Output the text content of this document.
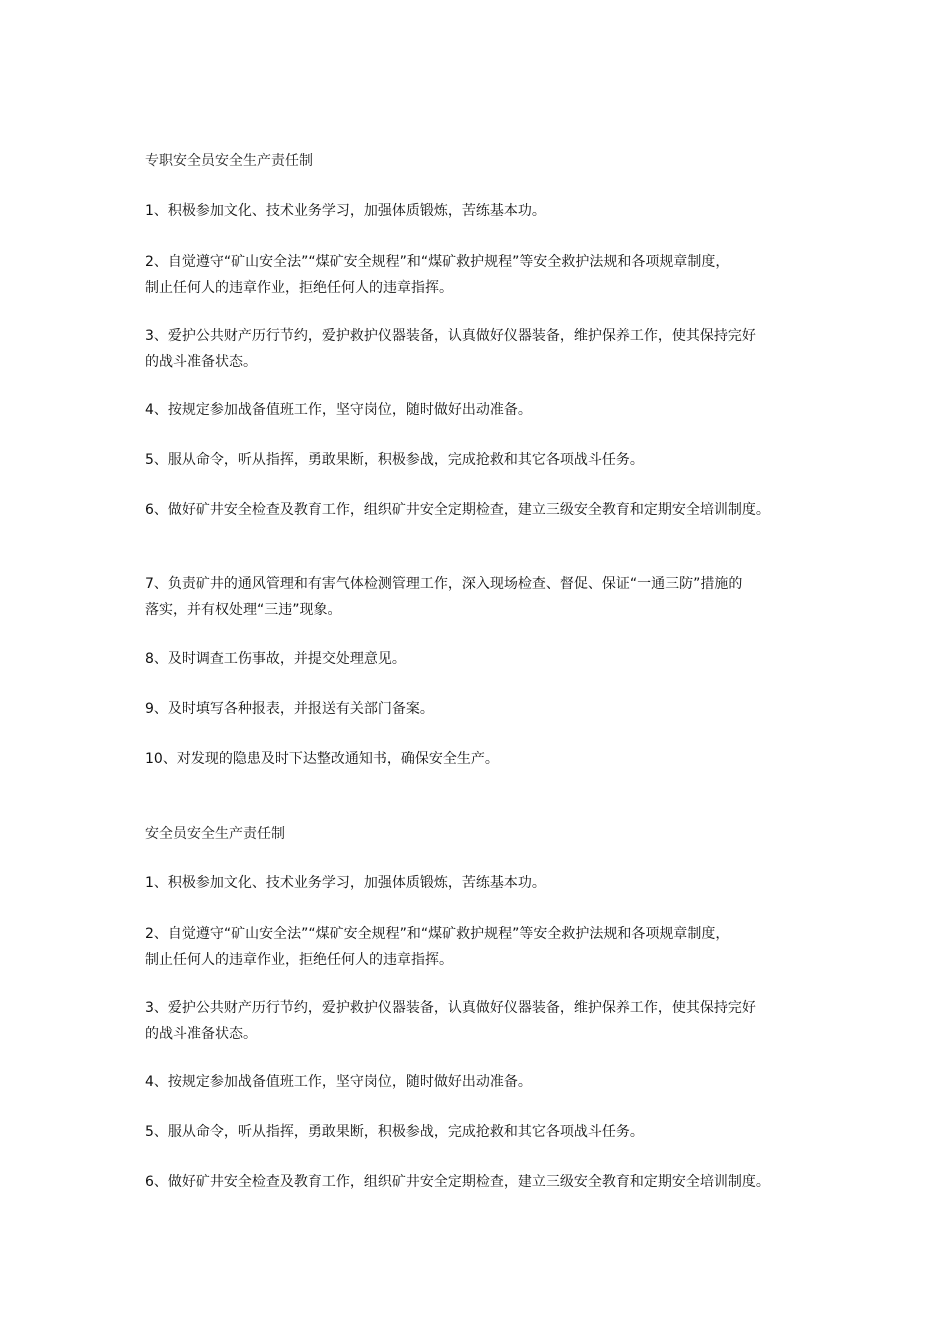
专职安全员安全生产责任制
1、积极参加文化、技术业务学习，加强体质锻炼，苦练基本功。
2、自觉遵守“矿山安全法”“煤矿安全规程”和“煤矿救护规程”等安全救护法规和各项规章制度，
制止任何人的违章作业，拒绝任何人的违章指挥。
3、爱护公共财产历行节约，爱护救护仪器装备，认真做好仪器装备，维护保养工作，使其保持完好
的战斗准备状态。
4、按规定参加战备值班工作，坚守岗位，随时做好出动准备。
5、服从命令，听从指挥，勇敢果断，积极参战，完成抢救和其它各项战斗任务。
6、做好矿井安全检查及教育工作，组织矿井安全定期检查，建立三级安全教育和定期安全培训制度。
7、负责矿井的通风管理和有害气体检测管理工作，深入现场检查、督促、保证“一通三防”措施的
落实，并有权处理“三违”现象。
8、及时调查工伤事故，并提交处理意见。
9、及时填写各种报表，并报送有关部门备案。
10、对发现的隐患及时下达整改通知书，确保安全生产。
安全员安全生产责任制
1、积极参加文化、技术业务学习，加强体质锻炼，苦练基本功。
2、自觉遵守“矿山安全法”“煤矿安全规程”和“煤矿救护规程”等安全救护法规和各项规章制度，
制止任何人的违章作业，拒绝任何人的违章指挥。
3、爱护公共财产历行节约，爱护救护仪器装备，认真做好仪器装备，维护保养工作，使其保持完好
的战斗准备状态。
4、按规定参加战备值班工作，坚守岗位，随时做好出动准备。
5、服从命令，听从指挥，勇敢果断，积极参战，完成抢救和其它各项战斗任务。
6、做好矿井安全检查及教育工作，组织矿井安全定期检查，建立三级安全教育和定期安全培训制度。
